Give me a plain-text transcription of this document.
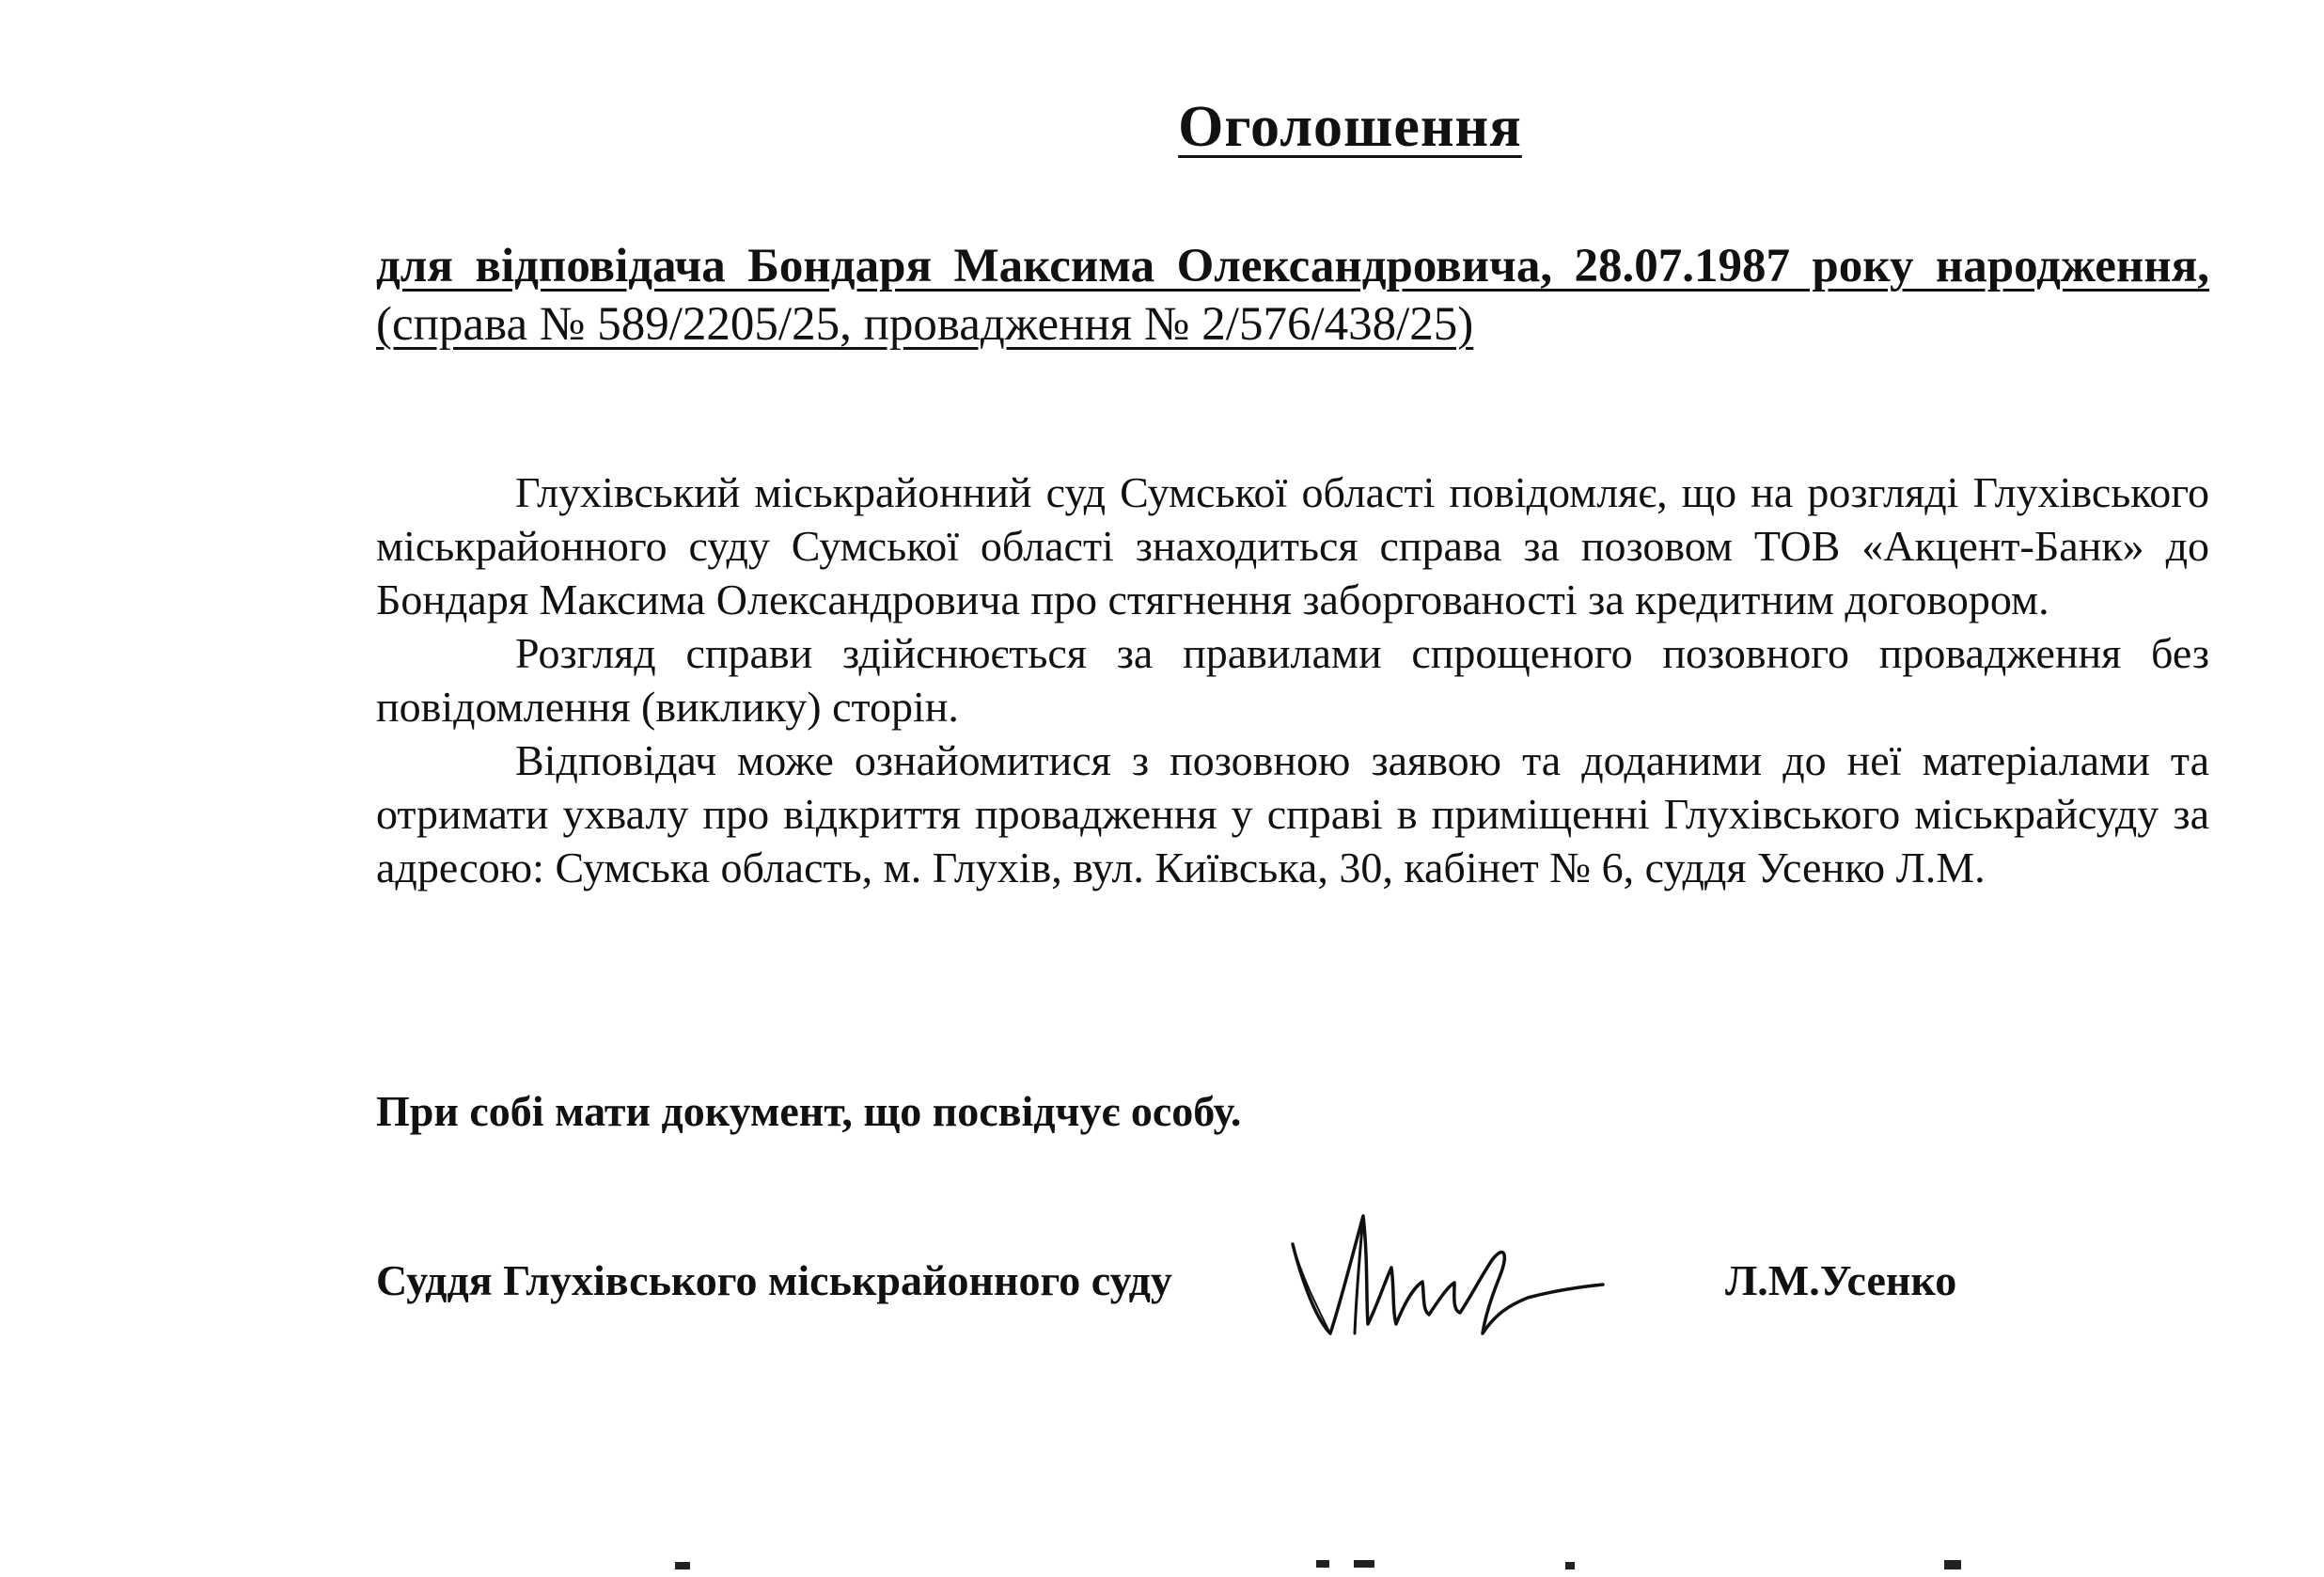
Оголошення
для відповідача Бондаря Максима Олександровича, 28.07.1987 року народження, (справа № 589/2205/25, провадження № 2/576/438/25)

Глухівський міськрайонний суд Сумської області повідомляє, що на розгляді Глухівського міськрайонного суду Сумської області знаходиться справа за позовом ТОВ «Акцент-Банк» до Бондаря Максима Олександровича про стягнення заборгованості за кредитним договором.

Розгляд справи здійснюється за правилами спрощеного позовного провадження без повідомлення (виклику) сторін.

Відповідач може ознайомитися з позовною заявою та доданими до неї матеріалами та отримати ухвалу про відкриття провадження у справі в приміщенні Глухівського міськрайсуду за адресою: Сумська область, м. Глухів, вул. Київська, 30, кабінет № 6, суддя Усенко Л.М.

При собі мати документ, що посвідчує особу.
Суддя Глухівського міськрайонного суду	Л.М.Усенко
